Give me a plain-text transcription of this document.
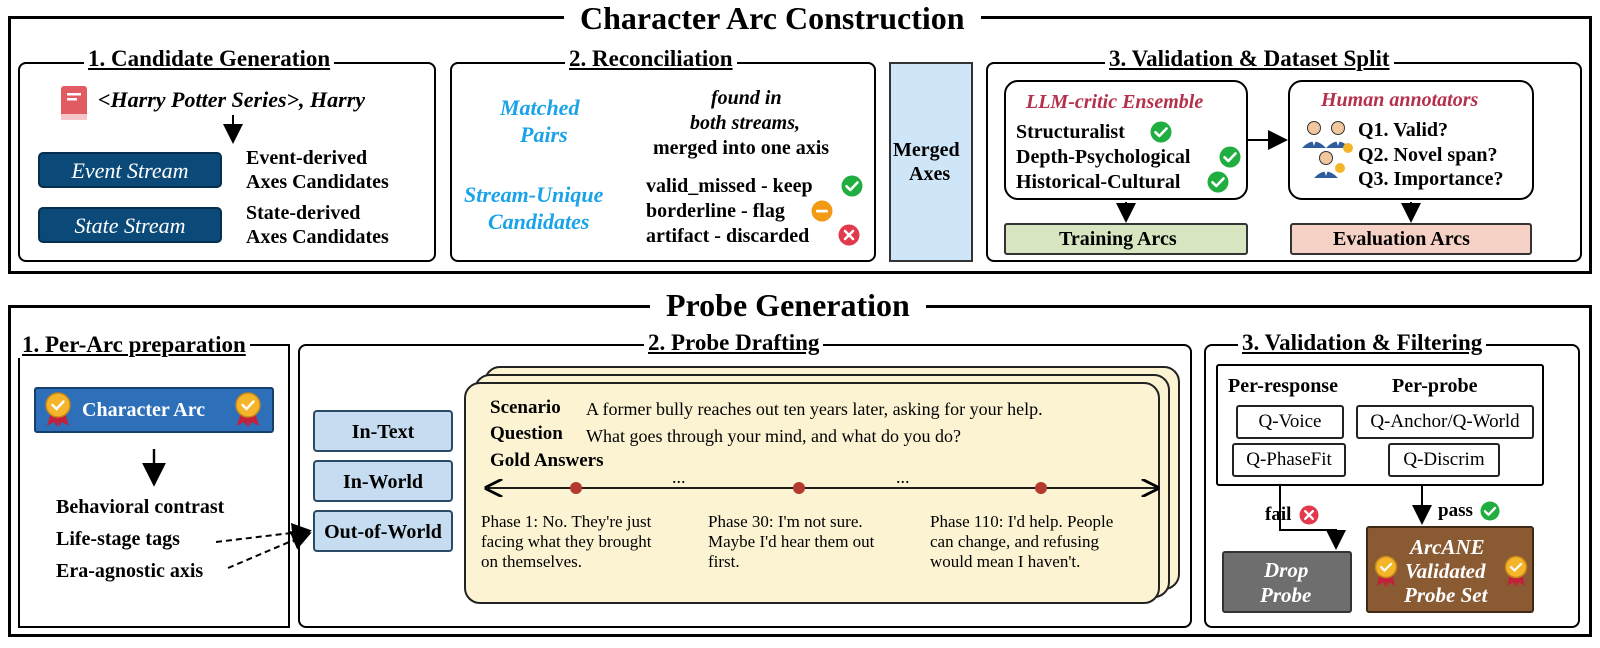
Character Arc Construction
1. Candidate Generation
<Harry Potter Series>, Harry
Event Stream	Event-derived
Axes Candidates
State Stream	State-derived
Axes Candidates
2. Reconciliation
Matched
Pairs
found in
both streams,
merged into one axis
Stream-Unique
Candidates
valid_missed - keep
borderline - flag
artifact - discarded
Merged
Axes
3. Validation & Dataset Split
LLM-critic Ensemble
Structuralist
Depth-Psychological
Historical-Cultural
Human annotators
Q1. Valid?
Q2. Novel span?
Q3. Importance?
Training Arcs	Evaluation Arcs
Probe Generation
1. Per-Arc preparation
Character Arc
Behavioral contrast
Life-stage tags
Era-agnostic axis
2. Probe Drafting
In-Text
In-World
Out-of-World
Scenario A former bully reaches out ten years later, asking for your help.
Question What goes through your mind, and what do you do?
Gold Answers
...	...
Phase 1: No. They're just
facing what they brought
on themselves.
Phase 30: I'm not sure.
Maybe I'd hear them out
first.
Phase 110: I'd help. People
can change, and refusing
would mean I haven't.
3. Validation & Filtering
Per-response	Per-probe
Q-Voice
Q-PhaseFit
Q-Anchor/Q-World
Q-Discrim
fail	pass
Drop
Probe
ArcANE
Validated
Probe Set
